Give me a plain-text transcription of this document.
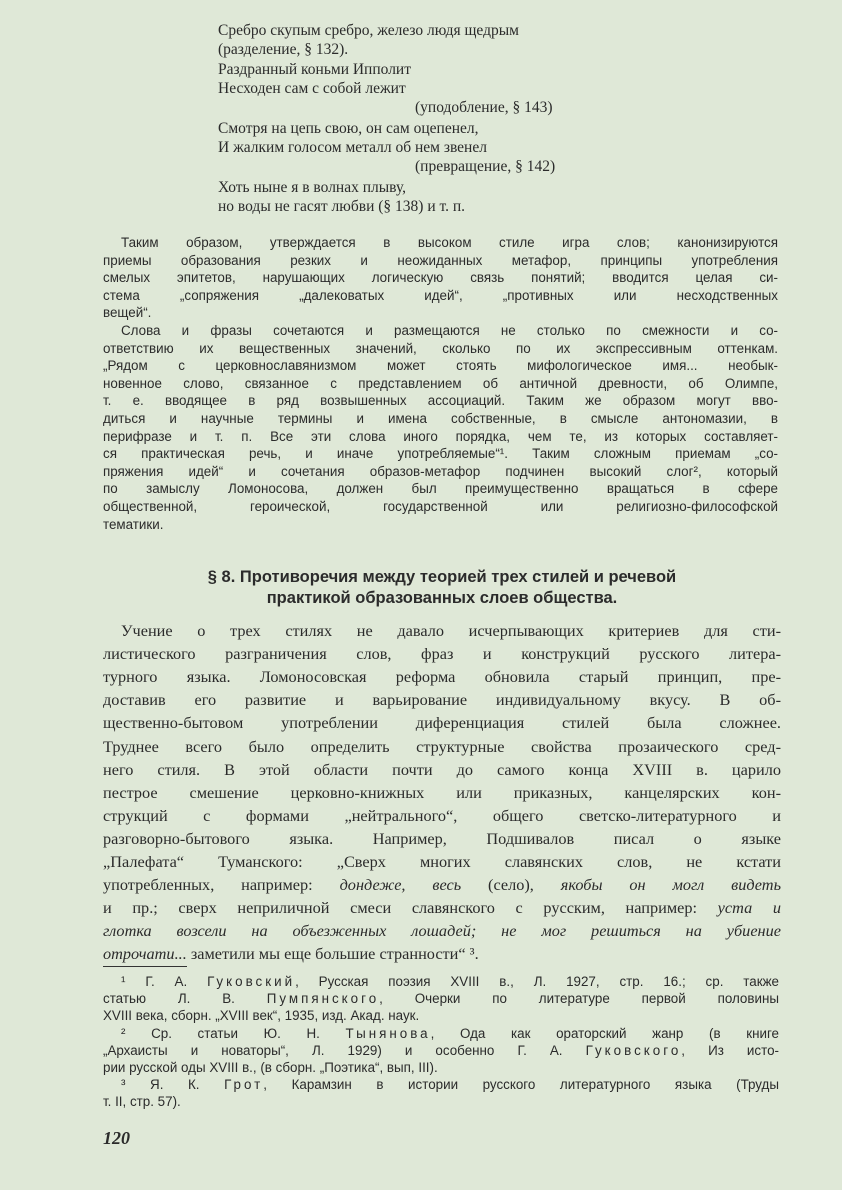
Сребро скупым сребро, железо людя щедрым
(разделение, § 132).
Раздранный коньми Ипполит
Несходен сам с собой лежит
(уподобление, § 143)
Смотря на цепь свою, он сам оцепенел,
И жалким голосом металл об нем звенел
(превращение, § 142)
Хоть ныне я в волнах плыву,
но воды не гасят любви (§ 138) и т. п.
Таким образом, утверждается в высоком стиле игра слов; канонизируются
приемы образования резких и неожиданных метафор, принципы употребления
смелых эпитетов, нарушающих логическую связь понятий; вводится целая си-
стема „сопряжения „далековатых идей“, „противных или несходственных
вещей“.
Слова и фразы сочетаются и размещаются не столько по смежности и со-
ответствию их вещественных значений, сколько по их экспрессивным оттенкам.
„Рядом с церковнославянизмом может стоять мифологическое имя... необык-
новенное слово, связанное с представлением об античной древности, об Олимпе,
т. е. вводящее в ряд возвышенных ассоциаций. Таким же образом могут вво-
диться и научные термины и имена собственные, в смысле антономазии, в
перифразе и т. п. Все эти слова иного порядка, чем те, из которых составляет-
ся практическая речь, и иначе употребляемые“¹. Таким сложным приемам „со-
пряжения идей“ и сочетания образов-метафор подчинен высокий слог², который
по замыслу Ломоносова, должен был преимущественно вращаться в сфере
общественной, героической, государственной или религиозно-философской
тематики.
§ 8. Противоречия между теорией трех стилей и речевой
практикой образованных слоев общества.
Учение о трех стилях не давало исчерпывающих критериев для сти-
листического разграничения слов, фраз и конструкций русского литера-
турного языка. Ломоносовская реформа обновила старый принцип, пре-
доставив его развитие и варьирование индивидуальному вкусу. В об-
щественно-бытовом употреблении диференциация стилей была сложнее.
Труднее всего было определить структурные свойства прозаического сред-
него стиля. В этой области почти до самого конца XVIII в. царило
пестрое смешение церковно-книжных или приказных, канцелярских кон-
струкций с формами „нейтрального“, общего светско-литературного и
разговорно-бытового языка. Например, Подшивалов писал о языке
„Палефата“ Туманского: „Сверх многих славянских слов, не кстати
употребленных, например: дондеже, весь (село), якобы он могл видеть
и пр.; сверх неприличной смеси славянского с русским, например: уста и
глотка возсели на объезженных лошадей; не мог решиться на убиение
отрочати... заметили мы еще большие странности“ ³.
¹ Г. А. Гуковский, Русская поэзия XVIII в., Л. 1927, стр. 16.; ср. также
статью Л. В. Пумпянского, Очерки по литературе первой половины
XVIII века, сборн. „XVIII век“, 1935, изд. Акад. наук.
² Ср. статьи Ю. Н. Тынянова, Ода как ораторский жанр (в книге
„Архаисты и новаторы“, Л. 1929) и особенно Г. А. Гуковского, Из исто-
рии русской оды XVIII в., (в сборн. „Поэтика“, вып, III).
³ Я. К. Грот, Карамзин в истории русского литературного языка (Труды
т. II, стр. 57).
120
